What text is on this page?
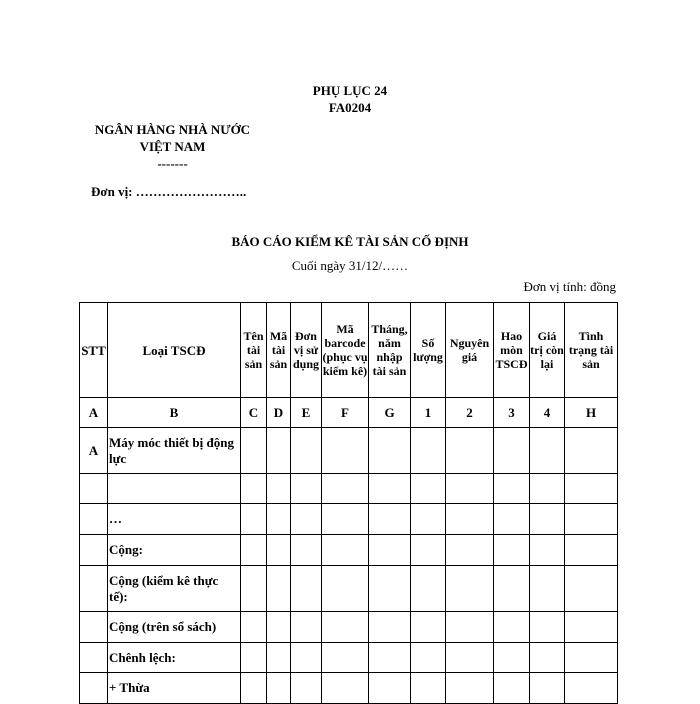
PHỤ LỤC 24
FA0204
NGÂN HÀNG NHÀ NƯỚC
VIỆT NAM
-------
Đơn vị: ……………………..
BÁO CÁO KIỂM KÊ TÀI SẢN CỐ ĐỊNH
Cuối ngày 31/12/……
Đơn vị tính: đồng
STT	Loại TSCĐ	Tên tài sản	Mã tài sản	Đơn vị sử dụng	Mã barcode (phục vụ kiểm kê)	Tháng, năm nhập tài sản	Số lượng	Nguyên giá	Hao mòn TSCĐ	Giá trị còn lại	Tình trạng tài sản
A	B	C	D	E	F	G	1	2	3	4	H
A	Máy móc thiết bị động lực										

	…										
	Cộng:										
	Cộng (kiểm kê thực tế):										
	Cộng (trên sổ sách)										
	Chênh lệch:										
	+ Thừa										
